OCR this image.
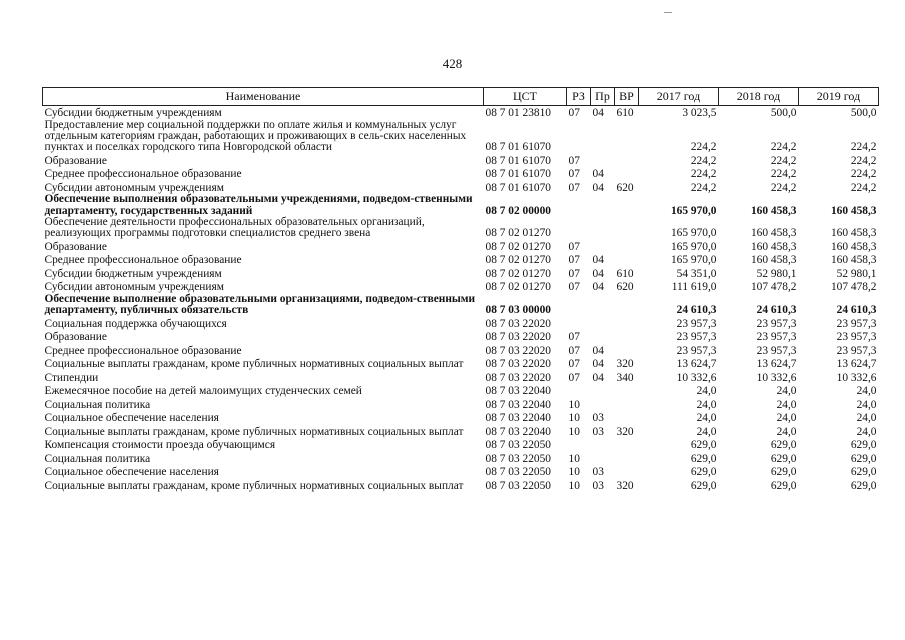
428
Наименование	ЦСТ	РЗ	Пр	ВР	2017 год	2018 год	2019 год
Субсидии бюджетным учреждениям	08 7 01 23810	07	04	610	3 023,5	500,0	500,0
Предоставление мер социальной поддержки по оплате жилья и коммунальных услуг отдельным категориям граждан, работающих и проживающих в сель-ских населенных пунктах и поселках городского типа Новгородской области	08 7 01 61070				224,2	224,2	224,2
Образование	08 7 01 61070	07			224,2	224,2	224,2
Среднее профессиональное образование	08 7 01 61070	07	04		224,2	224,2	224,2
Субсидии автономным учреждениям	08 7 01 61070	07	04	620	224,2	224,2	224,2
Обеспечение выполнения образовательными учреждениями, подведом-ственными департаменту, государственных заданий	08 7 02 00000				165 970,0	160 458,3	160 458,3
Обеспечение деятельности профессиональных образовательных организаций, реализующих программы подготовки специалистов среднего звена	08 7 02 01270				165 970,0	160 458,3	160 458,3
Образование	08 7 02 01270	07			165 970,0	160 458,3	160 458,3
Среднее профессиональное образование	08 7 02 01270	07	04		165 970,0	160 458,3	160 458,3
Субсидии бюджетным учреждениям	08 7 02 01270	07	04	610	54 351,0	52 980,1	52 980,1
Субсидии автономным учреждениям	08 7 02 01270	07	04	620	111 619,0	107 478,2	107 478,2
Обеспечение выполнение образовательными организациями, подведом-ственными департаменту, публичных обязательств	08 7 03 00000				24 610,3	24 610,3	24 610,3
Социальная поддержка обучающихся	08 7 03 22020				23 957,3	23 957,3	23 957,3
Образование	08 7 03 22020	07			23 957,3	23 957,3	23 957,3
Среднее профессиональное образование	08 7 03 22020	07	04		23 957,3	23 957,3	23 957,3
Социальные выплаты гражданам, кроме публичных нормативных социальных выплат	08 7 03 22020	07	04	320	13 624,7	13 624,7	13 624,7
Стипендии	08 7 03 22020	07	04	340	10 332,6	10 332,6	10 332,6
Ежемесячное пособие на детей малоимущих студенческих семей	08 7 03 22040				24,0	24,0	24,0
Социальная политика	08 7 03 22040	10			24,0	24,0	24,0
Социальное обеспечение населения	08 7 03 22040	10	03		24,0	24,0	24,0
Социальные выплаты гражданам, кроме публичных нормативных социальных выплат	08 7 03 22040	10	03	320	24,0	24,0	24,0
Компенсация стоимости проезда обучающимся	08 7 03 22050				629,0	629,0	629,0
Социальная политика	08 7 03 22050	10			629,0	629,0	629,0
Социальное обеспечение населения	08 7 03 22050	10	03		629,0	629,0	629,0
Социальные выплаты гражданам, кроме публичных нормативных социальных выплат	08 7 03 22050	10	03	320	629,0	629,0	629,0
